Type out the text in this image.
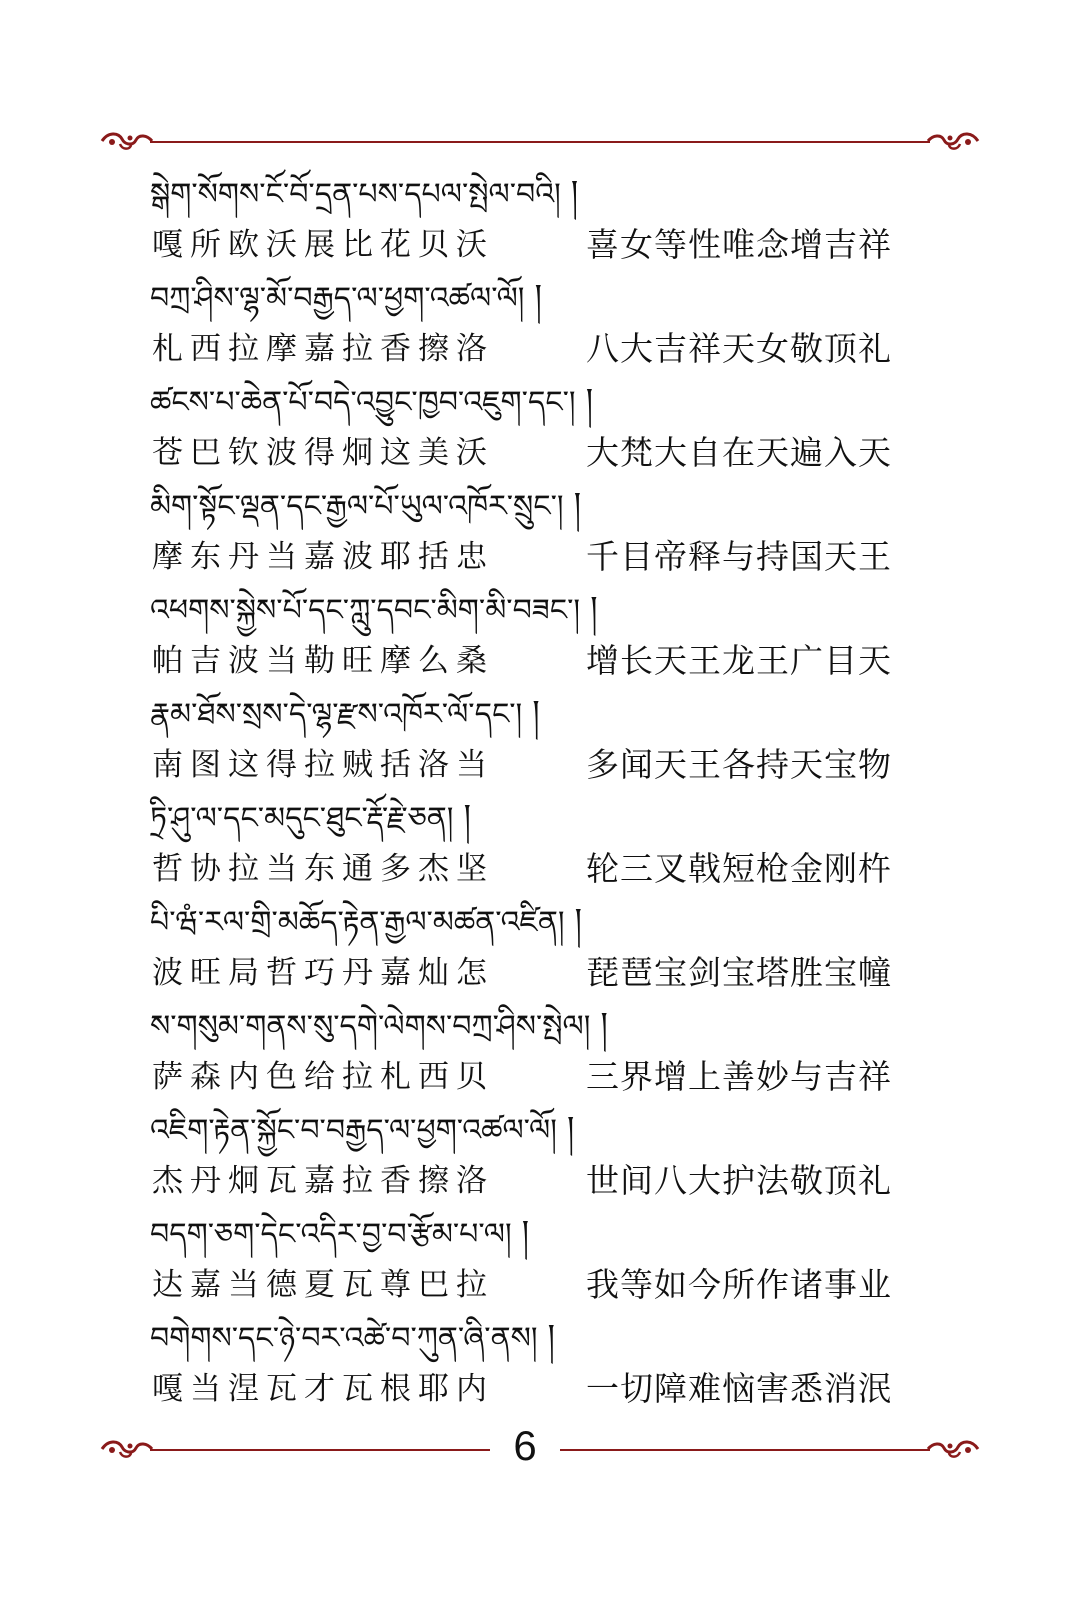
སྒེག་སོགས་ངོ་བོ་དྲན་པས་དཔལ་སྤེལ་བའི། །
嘎所欧沃展比花贝沃	喜女等性唯念增吉祥
བཀྲ་ཤིས་ལྷ་མོ་བརྒྱད་ལ་ཕྱག་འཚལ་ལོ། །
札西拉摩嘉拉香擦洛	八大吉祥天女敬顶礼
ཚངས་པ་ཆེན་པོ་བདེ་འབྱུང་ཁྱབ་འཇུག་དང་། །
苍巴钦波得炯这美沃	大梵大自在天遍入天
མིག་སྟོང་ལྡན་དང་རྒྱལ་པོ་ཡུལ་འཁོར་སྲུང་། །
摩东丹当嘉波耶括忠	千目帝释与持国天王
འཕགས་སྐྱེས་པོ་དང་ཀླུ་དབང་མིག་མི་བཟང་། །
帕吉波当勒旺摩么桑	增长天王龙王广目天
རྣམ་ཐོས་སྲས་དེ་ལྷ་རྫས་འཁོར་ལོ་དང་། །
南图这得拉贼括洛当	多闻天王各持天宝物
ཏྲི་ཤུ་ལ་དང་མདུང་ཐུང་རྡོ་རྗེ་ཅན། །
哲协拉当东通多杰坚	轮三叉戟短枪金刚杵
པི་ཝཾ་རལ་གྲི་མཆོད་རྟེན་རྒྱལ་མཚན་འཛིན། །
波旺局哲巧丹嘉灿怎	琵琶宝剑宝塔胜宝幢
ས་གསུམ་གནས་སུ་དགེ་ལེགས་བཀྲ་ཤིས་སྤེལ། །
萨森内色给拉札西贝	三界增上善妙与吉祥
འཇིག་རྟེན་སྐྱོང་བ་བརྒྱད་ལ་ཕྱག་འཚལ་ལོ། །
杰丹炯瓦嘉拉香擦洛	世间八大护法敬顶礼
བདག་ཅག་དེང་འདིར་བྱ་བ་རྩོམ་པ་ལ། །
达嘉当德夏瓦尊巴拉	我等如今所作诸事业
བགེགས་དང་ཉེ་བར་འཚེ་བ་ཀུན་ཞི་ནས། །
嘎当涅瓦才瓦根耶内	一切障难恼害悉消泯
6
